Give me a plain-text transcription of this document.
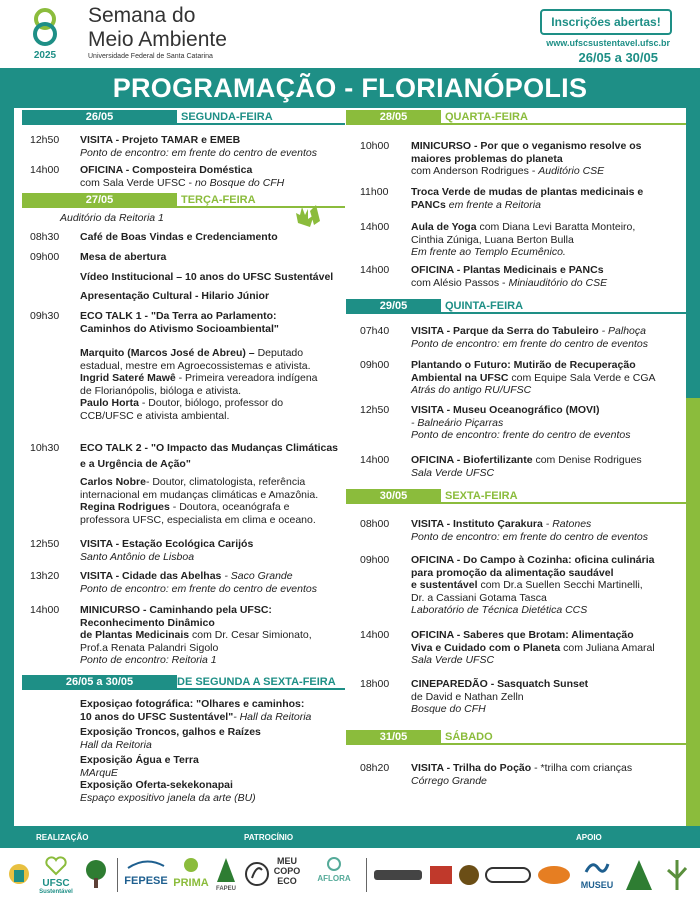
2025
Semana do
Meio Ambiente
Universidade Federal de Santa Catarina
Inscrições abertas!
www.ufscsustentavel.ufsc.br
26/05 a 30/05
PROGRAMAÇÃO - FLORIANÓPOLIS
26/05	SEGUNDA-FEIRA
12h50	VISITA - Projeto TAMAR e EMEB
Ponto de encontro: em frente do centro de eventos
14h00	OFICINA - Composteira Doméstica
com Sala Verde UFSC - no Bosque do CFH
27/05	TERÇA-FEIRA
Auditório da Reitoria 1
08h30	Café de Boas Vindas e Credenciamento
09h00	Mesa de abertura
Vídeo Institucional – 10 anos do UFSC Sustentável
Apresentação Cultural - Hilario Júnior
09h30	ECO TALK 1 - "Da Terra ao Parlamento:
Caminhos do Ativismo Socioambiental"
Marquito (Marcos José de Abreu) – Deputado
estadual, mestre em Agroecossistemas e ativista.
Ingrid Sateré Mawê - Primeira vereadora indígena
de Florianópolis, bióloga e ativista.
Paulo Horta - Doutor, biólogo, professor do
CCB/UFSC e ativista ambiental.
10h30	ECO TALK 2 - "O Impacto das Mudanças Climáticas
e a Urgência de Ação"
Carlos Nobre- Doutor, climatologista, referência
internacional em mudanças climáticas e Amazônia.
Regina Rodrigues - Doutora, oceanógrafa e
professora UFSC, especialista em clima e oceano.
12h50	VISITA - Estação Ecológica Carijós
Santo Antônio de Lisboa
13h20	VISITA - Cidade das Abelhas - Saco Grande
Ponto de encontro: em frente do centro de eventos
14h00	MINICURSO - Caminhando pela UFSC:
Reconhecimento Dinâmico
de Plantas Medicinais com Dr. Cesar Simionato,
Prof.a Renata Palandri Sigolo
Ponto de encontro: Reitoria 1
26/05 a 30/05	DE SEGUNDA A SEXTA-FEIRA
Exposiçao fotográfica: "Olhares e caminhos:
10 anos do UFSC Sustentável"- Hall da Reitoria
Exposição Troncos, galhos e Raízes
Hall da Reitoria
Exposição Água e Terra
MArquE
Exposição Oferta-sekekonapai
Espaço expositivo janela da arte (BU)
28/05	QUARTA-FEIRA
10h00	MINICURSO - Por que o veganismo resolve os
maiores problemas do planeta
com Anderson Rodrigues - Auditório CSE
11h00	Troca Verde de mudas de plantas medicinais e
PANCs em frente a Reitoria
14h00	Aula de Yoga com Diana Levi Baratta Monteiro,
Cinthia Zúniga, Luana Berton Bulla
Em frente ao Templo Ecumênico.
14h00	OFICINA - Plantas Medicinais e PANCs
com Alésio Passos - Miniauditório do CSE
29/05	QUINTA-FEIRA
07h40	VISITA - Parque da Serra do Tabuleiro - Palhoça
Ponto de encontro: em frente do centro de eventos
09h00	Plantando o Futuro: Mutirão de Recuperação
Ambiental na UFSC com Equipe Sala Verde e CGA
Atrás do antigo RU/UFSC
12h50	VISITA - Museu Oceanográfico (MOVI)
- Balneário Piçarras
Ponto de encontro: frente do centro de eventos
14h00	OFICINA - Biofertilizante com Denise Rodrigues
Sala Verde UFSC
30/05	SEXTA-FEIRA
08h00	VISITA - Instituto Çarakura - Ratones
Ponto de encontro: em frente do centro de eventos
09h00	OFICINA - Do Campo à Cozinha: oficina culinária
para promoção da alimentação saudável
e sustentável com Dr.a Suellen Secchi Martinelli,
Dr. a Cassiani Gotama Tasca
Laboratório de Técnica Dietética CCS
14h00	OFICINA - Saberes que Brotam: Alimentação
Viva e Cuidado com o Planeta com Juliana Amaral
Sala Verde UFSC
18h00	CINEPAREDÃO - Sasquatch Sunset
de David e Nathan Zelln
Bosque do CFH
31/05	SÁBADO
08h20	VISITA - Trilha do Poção - *trilha com crianças
Córrego Grande
REALIZAÇÃO	PATROCÍNIO	APOIO
UFSC
Sustentável
FEPESE PRIMA	FAPEU
MEU COPO ECO	AFLORA
MUSEU
